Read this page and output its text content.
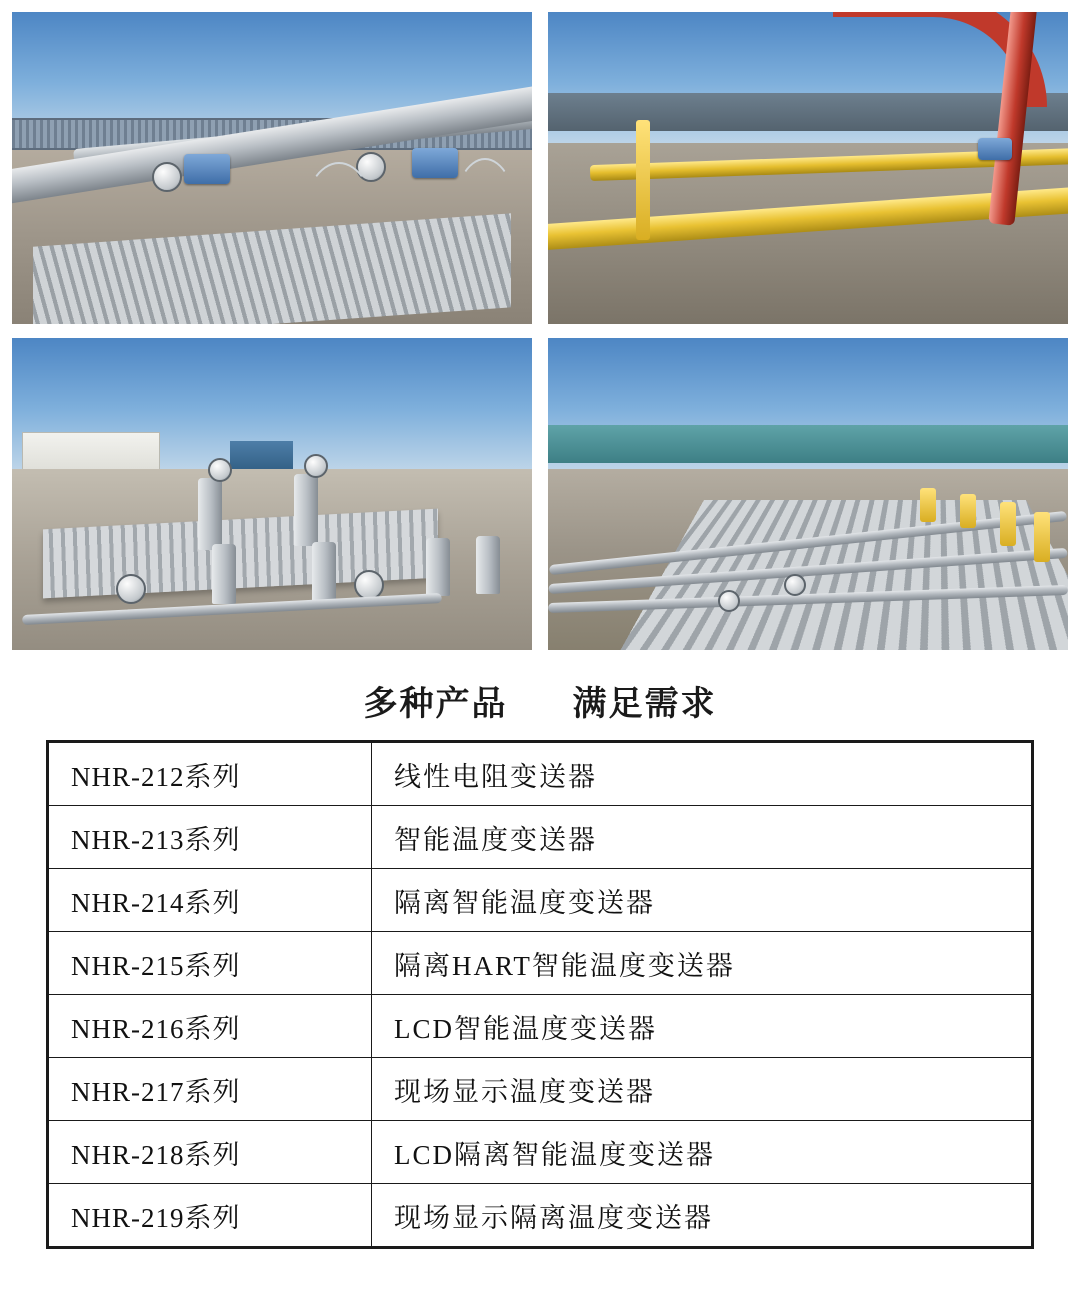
多种产品 满足需求
NHR-212系列	线性电阻变送器
NHR-213系列	智能温度变送器
NHR-214系列	隔离智能温度变送器
NHR-215系列	隔离HART智能温度变送器
NHR-216系列	LCD智能温度变送器
NHR-217系列	现场显示温度变送器
NHR-218系列	LCD隔离智能温度变送器
NHR-219系列	现场显示隔离温度变送器
